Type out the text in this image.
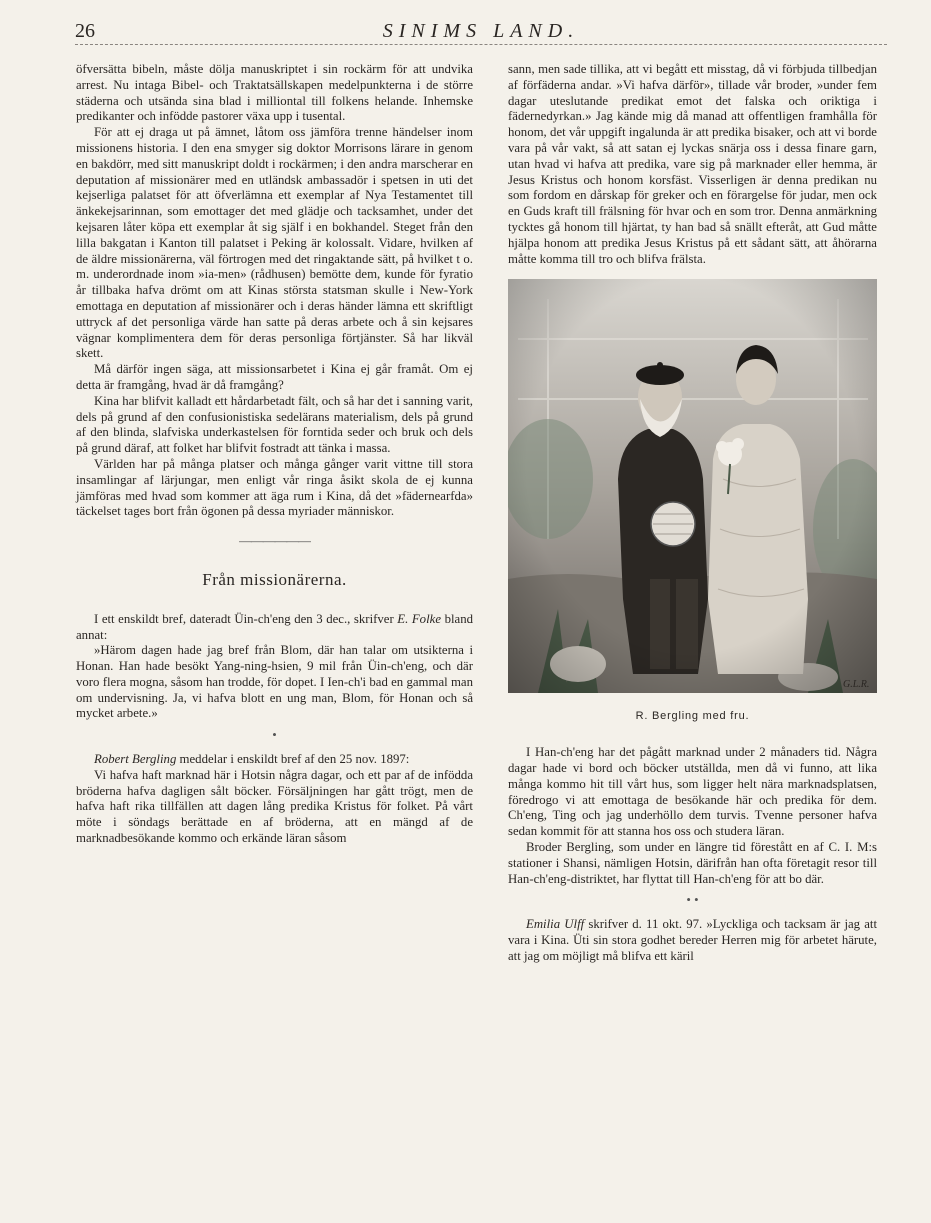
26	SINIMS LAND.

öfversätta bibeln, måste dölja manuskriptet i sin rockärm för att undvika arrest. Nu intaga Bibel- och Traktatsällskapen medelpunkterna i de större städerna och utsända sina blad i milliontal till folkens helande. Inhemske predikanter och infödde pastorer växa upp i tusental.

För att ej draga ut på ämnet, låtom oss jämföra trenne händelser inom missionens historia. I den ena smyger sig doktor Morrisons lärare in genom en bakdörr, med sitt manuskript doldt i rockärmen; i den andra marscherar en deputation af missionärer med en utländsk ambassadör i spetsen in uti det kejserliga palatset för att öfverlämna ett exemplar af Nya Testamentet till änkekejsarinnan, som emottager det med glädje och tacksamhet, under det kejsaren låter köpa ett exemplar åt sig själf i en bokhandel. Steget från den lilla bakgatan i Kanton till palatset i Peking är kolossalt. Vidare, hvilken af de äldre missionärerna, väl förtrogen med det ringaktande sätt, på hvilket t o. m. underordnade inom »ia-men» (rådhusen) bemötte dem, kunde för fyratio år tillbaka hafva drömt om att Kinas största statsman skulle i New-York emottaga en deputation af missionärer och i deras händer lämna ett skriftligt uttryck af det personliga värde han satte på deras arbete och å sin kejsares vägnar komplimentera dem för deras personliga förtjänster. Så har likväl skett.

Må därför ingen säga, att missionsarbetet i Kina ej går framåt. Om ej detta är framgång, hvad är då framgång?

Kina har blifvit kalladt ett hårdarbetadt fält, och så har det i sanning varit, dels på grund af den confusionistiska sedelärans materialism, dels på grund af den blinda, slafviska underkastelsen för forntida seder och bruk och dels på grund däraf, att folket har blifvit fostradt att tänka i massa.

Världen har på många platser och många gånger varit vittne till stora insamlingar af lärjungar, men enligt vår ringa åsikt skola de ej kunna jämföras med hvad som kommer att äga rum i Kina, då det »fädernearfda» täckelset tages bort från ögonen på dessa myriader människor.

——————
Från missionärerna.

I ett enskildt bref, dateradt Üin-ch'eng den 3 dec., skrifver E. Folke bland annat:

»Härom dagen hade jag bref från Blom, där han talar om utsikterna i Honan. Han hade besökt Yang-ning-hsien, 9 mil från Üin-ch'eng, och där voro flera mogna, såsom han trodde, för dopet. I Ien-ch'i bad en gammal man om undervisning. Ja, vi hafva blott en ung man, Blom, för Honan och så mycket arbete.»

•

Robert Bergling meddelar i enskildt bref af den 25 nov. 1897:

Vi hafva haft marknad här i Hotsin några dagar, och ett par af de infödda bröderna hafva dagligen sålt böcker. Försäljningen har gått trögt, men de hafva haft rika tillfällen att dagen lång predika Kristus för folket. På vårt möte i söndags berättade en af bröderna, att en mängd af de marknadbesökande kommo och erkände läran såsom

sann, men sade tillika, att vi begått ett misstag, då vi förbjuda tillbedjan af förfäderna andar. »Vi hafva därför», tillade vår broder, »under fem dagar uteslutande predikat emot det falska och oriktiga i fädernedyrkan.» Jag kände mig då manad att offentligen framhålla för honom, det vår uppgift ingalunda är att predika bisaker, och att vi borde vara på vår vakt, så att satan ej lyckas snärja oss i dessa finare garn, utan hvad vi hafva att predika, vare sig på marknader eller hemma, är Jesus Kristus och honom korsfäst. Visserligen är denna predikan nu som fordom en dårskap för greker och en förargelse för judar, men ock en Guds kraft till frälsning för hvar och en som tror. Denna anmärkning tycktes gå honom till hjärtat, ty han bad så snällt efteråt, att Gud måtte hjälpa honom att predika Jesus Kristus på ett sådant sätt, att åhörarna måtte komma till tro och blifva frälsta.

G.L.R.
R. Bergling med fru.

I Han-ch'eng har det pågått marknad under 2 månaders tid. Några dagar hade vi bord och böcker utställda, men då vi funno, att lika många kommo hit till vårt hus, som ligger helt nära marknadsplatsen, föredrogo vi att emottaga de besökande här och predika för dem. Ch'eng, Ting och jag underhöllo dem turvis. Tvenne personer hafva sedan kommit för att stanna hos oss och studera läran.

Broder Bergling, som under en längre tid förestått en af C. I. M:s stationer i Shansi, nämligen Hotsin, därifrån han ofta företagit resor till Han-ch'eng-distriktet, har flyttat till Han-ch'eng för att bo där.

• •

Emilia Ulff skrifver d. 11 okt. 97. »Lyckliga och tacksam är jag att vara i Kina. Üti sin stora godhet bereder Herren mig för arbetet härute, att jag om möjligt må blifva ett käril
